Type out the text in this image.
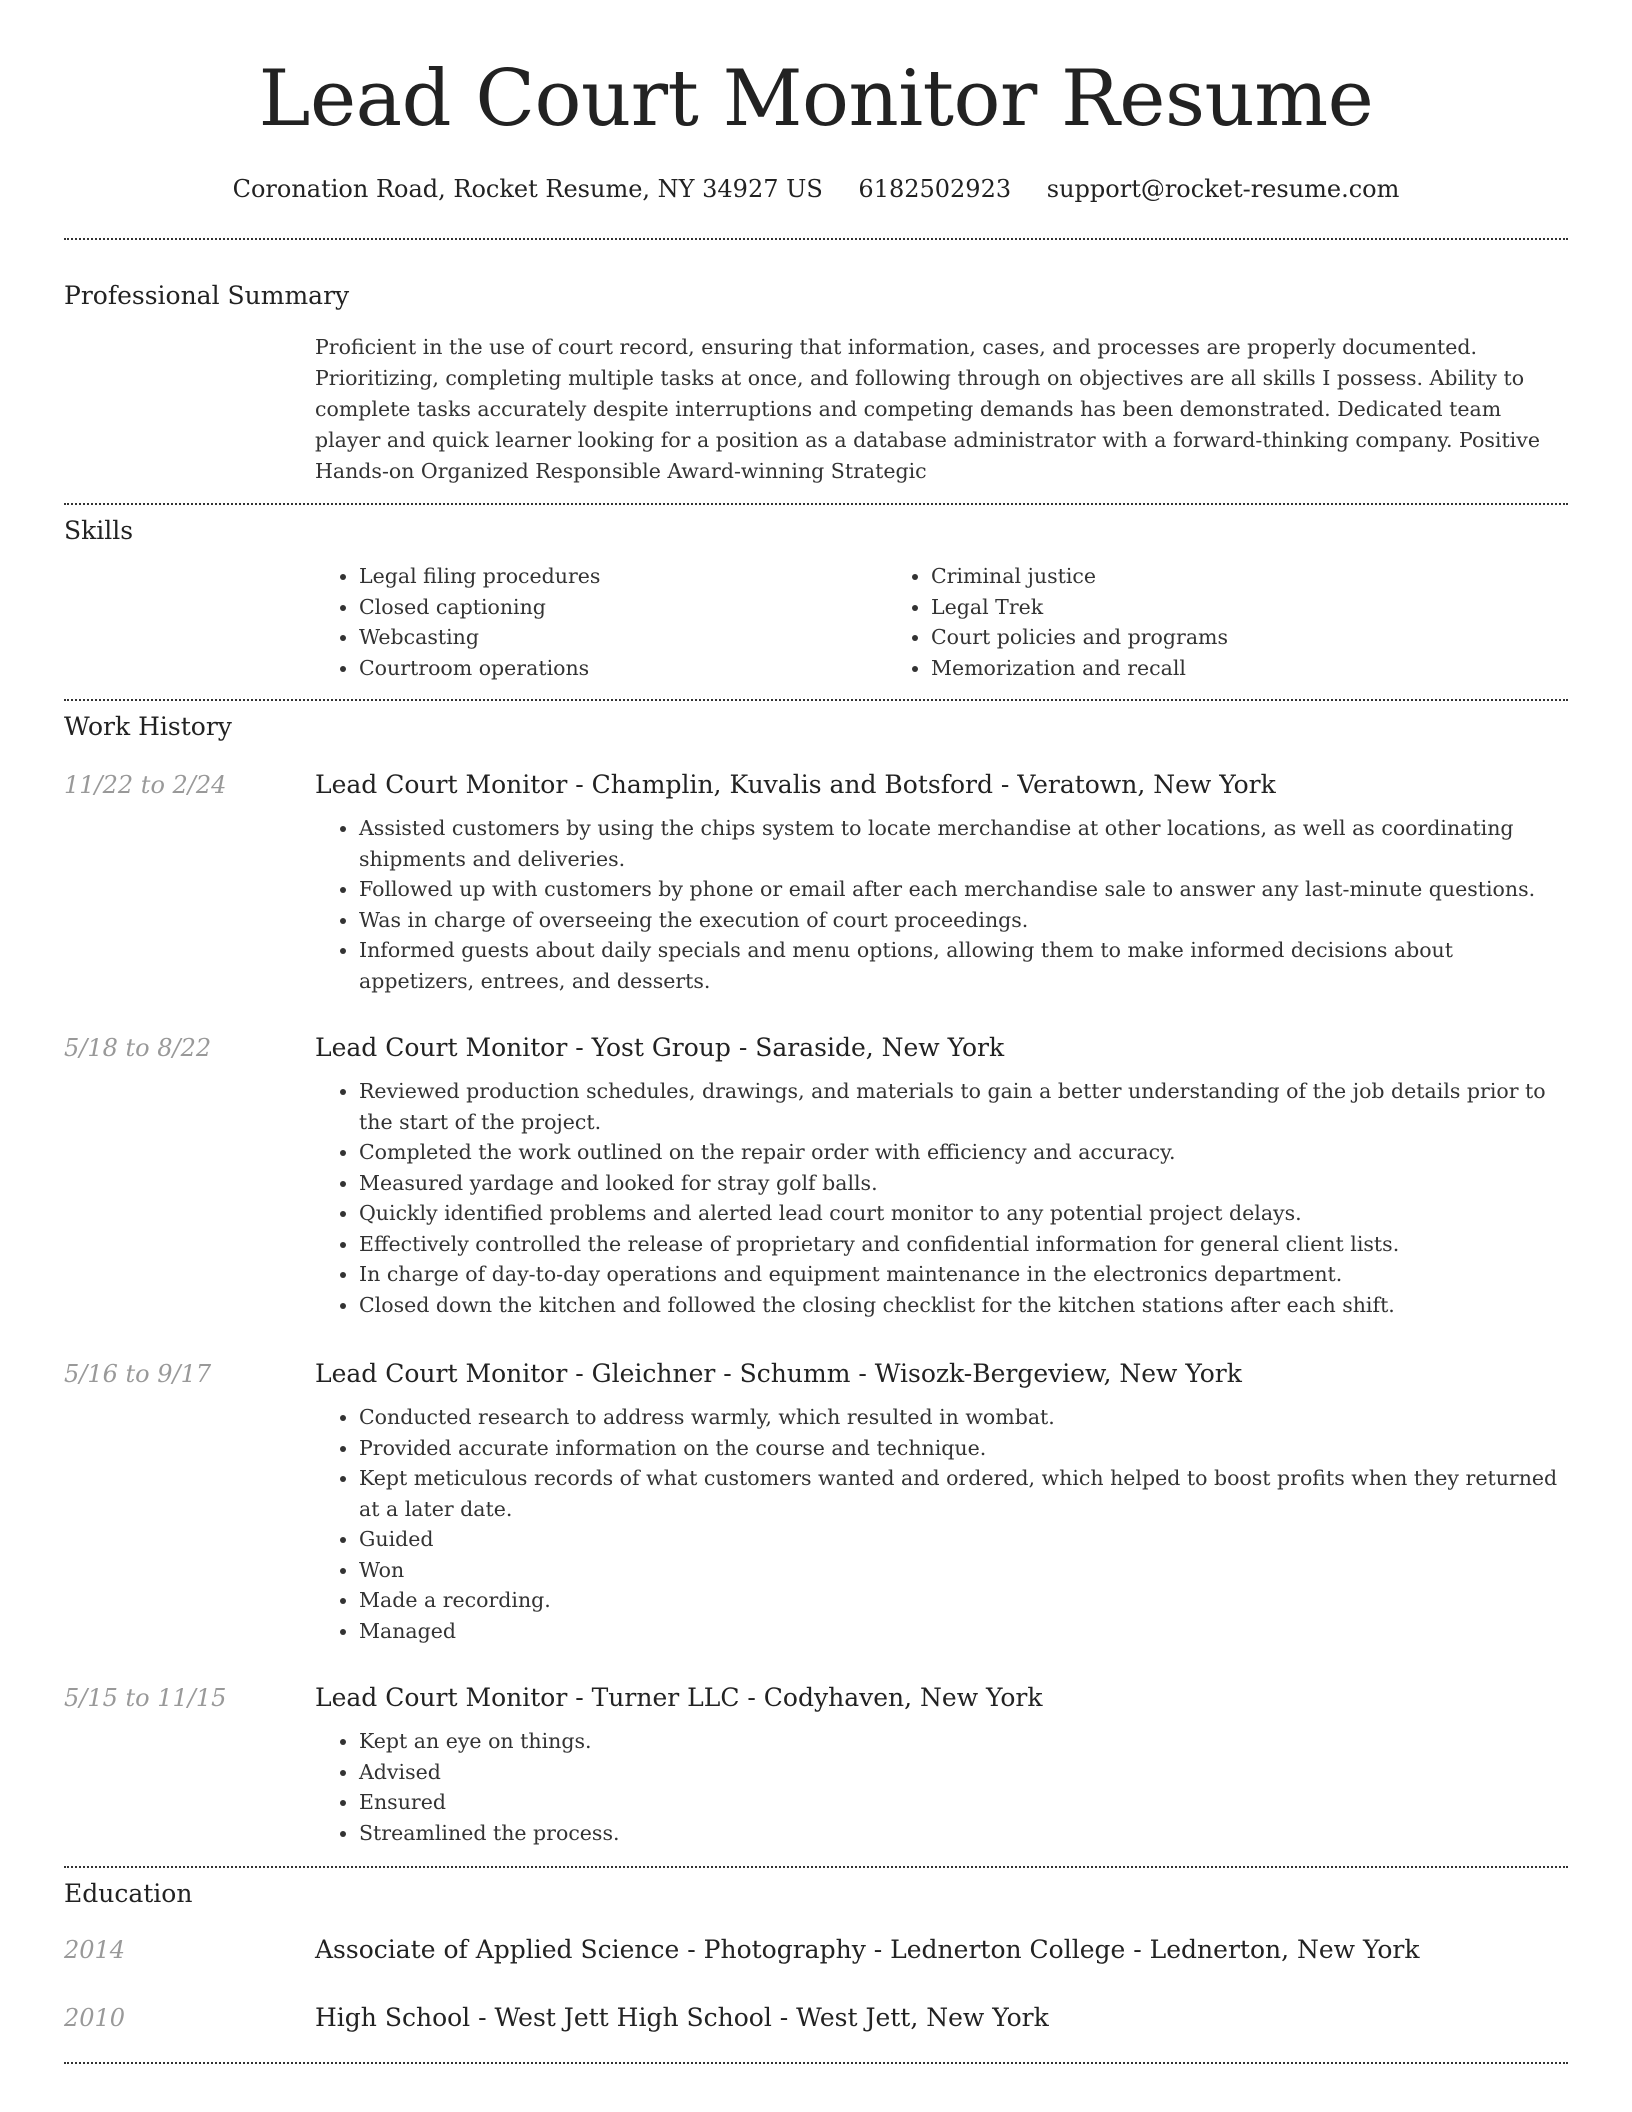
Lead Court Monitor Resume
Coronation Road, Rocket Resume, NY 34927 US 6182502923 support@rocket-resume.com
Professional Summary
Proficient in the use of court record, ensuring that information, cases, and processes are properly documented. Prioritizing, completing multiple tasks at once, and following through on objectives are all skills I possess. Ability to complete tasks accurately despite interruptions and competing demands has been demonstrated. Dedicated team player and quick learner looking for a position as a database administrator with a forward-thinking company. Positive Hands-on Organized Responsible Award-winning Strategic
Skills
• Legal filing procedures
• Closed captioning
• Webcasting
• Courtroom operations
• Criminal justice
• Legal Trek
• Court policies and programs
• Memorization and recall
Work History
11/22 to 2/24	Lead Court Monitor - Champlin, Kuvalis and Botsford - Veratown, New York
• Assisted customers by using the chips system to locate merchandise at other locations, as well as coordinating shipments and deliveries.
• Followed up with customers by phone or email after each merchandise sale to answer any last-minute questions.
• Was in charge of overseeing the execution of court proceedings.
• Informed guests about daily specials and menu options, allowing them to make informed decisions about appetizers, entrees, and desserts.
5/18 to 8/22	Lead Court Monitor - Yost Group - Saraside, New York
• Reviewed production schedules, drawings, and materials to gain a better understanding of the job details prior to the start of the project.
• Completed the work outlined on the repair order with efficiency and accuracy.
• Measured yardage and looked for stray golf balls.
• Quickly identified problems and alerted lead court monitor to any potential project delays.
• Effectively controlled the release of proprietary and confidential information for general client lists.
• In charge of day-to-day operations and equipment maintenance in the electronics department.
• Closed down the kitchen and followed the closing checklist for the kitchen stations after each shift.
5/16 to 9/17	Lead Court Monitor - Gleichner - Schumm - Wisozk-Bergeview, New York
• Conducted research to address warmly, which resulted in wombat.
• Provided accurate information on the course and technique.
• Kept meticulous records of what customers wanted and ordered, which helped to boost profits when they returned at a later date.
• Guided
• Won
• Made a recording.
• Managed
5/15 to 11/15	Lead Court Monitor - Turner LLC - Codyhaven, New York
• Kept an eye on things.
• Advised
• Ensured
• Streamlined the process.
Education
2014	Associate of Applied Science - Photography - Lednerton College - Lednerton, New York
2010	High School - West Jett High School - West Jett, New York
